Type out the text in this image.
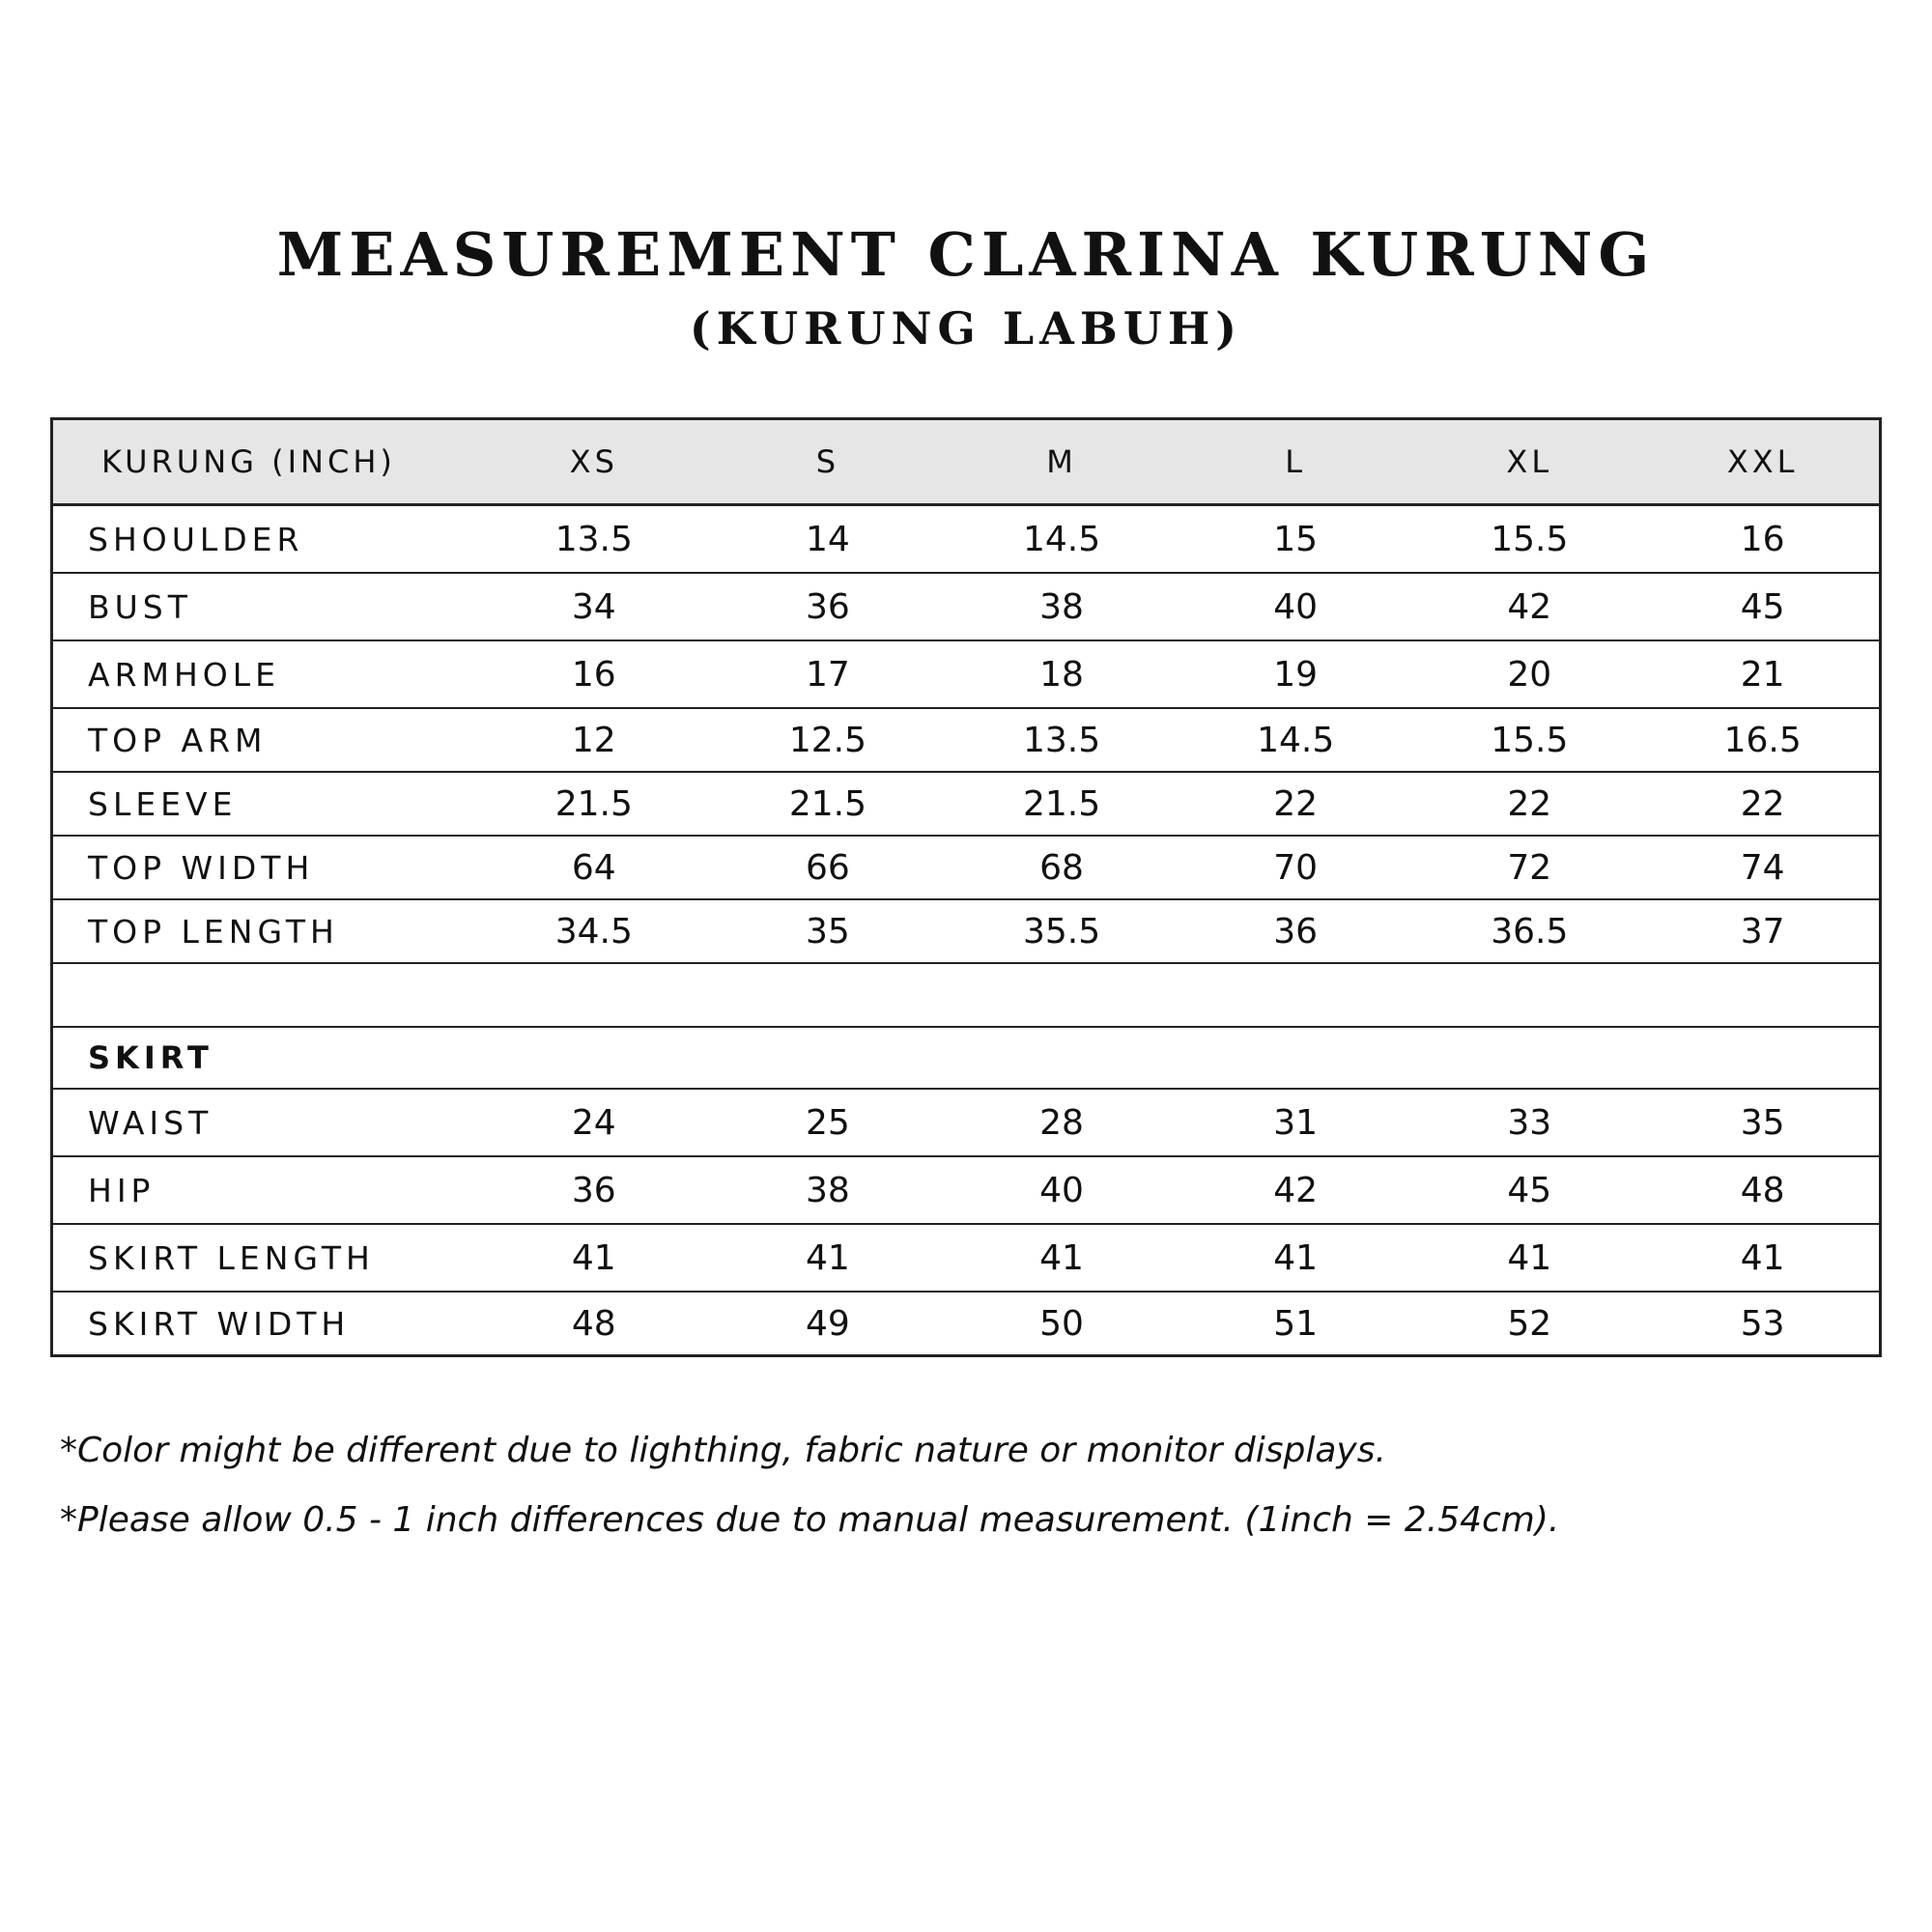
MEASUREMENT CLARINA KURUNG
(KURUNG LABUH)
KURUNG (INCH)	XS	S	M	L	XL	XXL
SHOULDER	13.5	14	14.5	15	15.5	16
BUST	34	36	38	40	42	45
ARMHOLE	16	17	18	19	20	21
TOP ARM	12	12.5	13.5	14.5	15.5	16.5
SLEEVE	21.5	21.5	21.5	22	22	22
TOP WIDTH	64	66	68	70	72	74
TOP LENGTH	34.5	35	35.5	36	36.5	37

SKIRT						
WAIST	24	25	28	31	33	35
HIP	36	38	40	42	45	48
SKIRT LENGTH	41	41	41	41	41	41
SKIRT WIDTH	48	49	50	51	52	53

*Color might be different due to lighthing, fabric nature or monitor displays.

*Please allow 0.5 - 1 inch differences due to manual measurement. (1inch = 2.54cm).
